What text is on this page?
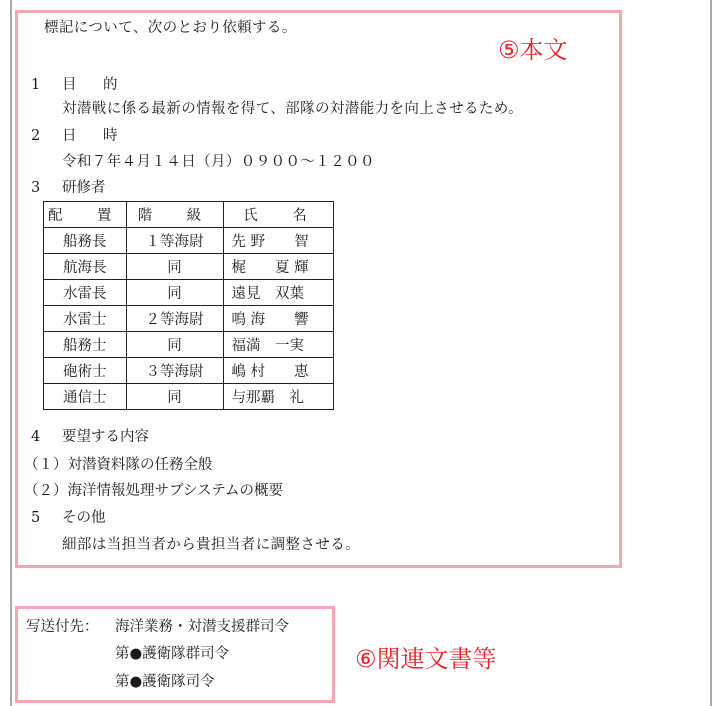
⑤本文
標記について、次のとおり依頼する。
1 目　的
対潜戦に係る最新の情報を得て、部隊の対潜能力を向上させるため。
2 日　時
令和７年４月１４日（月）０９００～１２００
3 研修者
配　置	階　級	氏　名
船務長	１等海尉	先 野　　智
航海長	同	梶　　夏 輝
水雷長	同	遠見　双葉
水雷士	２等海尉	鳴 海　　響
船務士	同	福満　一実
砲術士	３等海尉	嶋 村　　恵
通信士	同	与那覇　礼
4 要望する内容
（１）対潜資料隊の任務全般
（２）海洋情報処理サブシステムの概要
5 その他
細部は当担当者から貴担当者に調整させる。
⑥関連文書等
写送付先： 海洋業務・対潜支援群司令
第●護衛隊群司令
第●護衛隊司令
